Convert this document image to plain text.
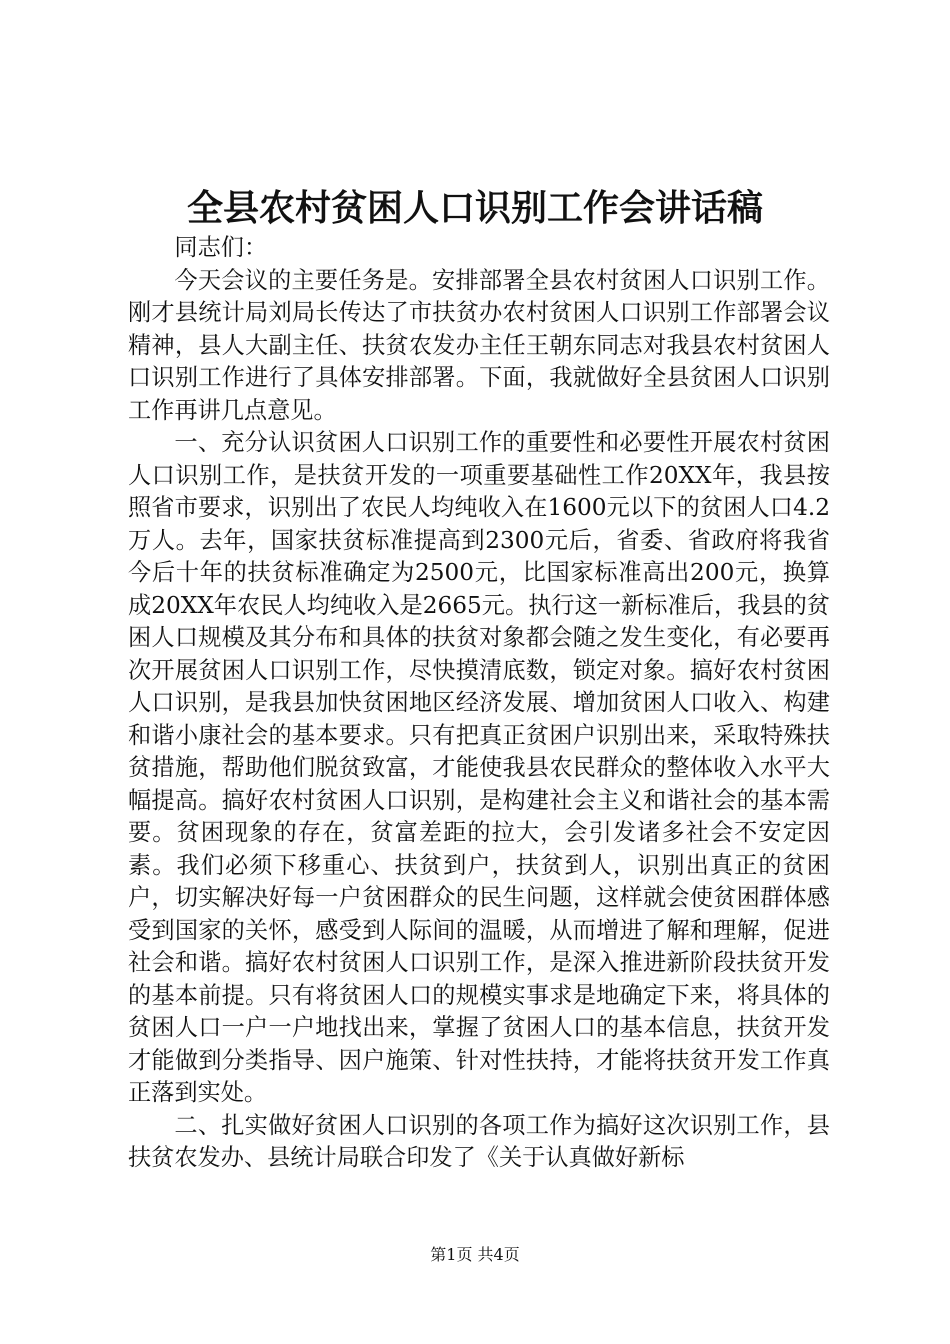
全县农村贫困人口识别工作会讲话稿

同志们：

今天会议的主要任务是。安排部署全县农村贫困人口识别工作。刚才县统计局刘局长传达了市扶贫办农村贫困人口识别工作部署会议精神，县人大副主任、扶贫农发办主任王朝东同志对我县农村贫困人口识别工作进行了具体安排部署。下面，我就做好全县贫困人口识别工作再讲几点意见。

一、充分认识贫困人口识别工作的重要性和必要性开展农村贫困人口识别工作，是扶贫开发的一项重要基础性工作20XX年，我县按照省市要求，识别出了农民人均纯收入在1600元以下的贫困人口4.2万人。去年，国家扶贫标准提高到2300元后，省委、省政府将我省今后十年的扶贫标准确定为2500元，比国家标准高出200元，换算成20XX年农民人均纯收入是2665元。执行这一新标准后，我县的贫困人口规模及其分布和具体的扶贫对象都会随之发生变化，有必要再次开展贫困人口识别工作，尽快摸清底数，锁定对象。搞好农村贫困人口识别，是我县加快贫困地区经济发展、增加贫困人口收入、构建和谐小康社会的基本要求。只有把真正贫困户识别出来，采取特殊扶贫措施，帮助他们脱贫致富，才能使我县农民群众的整体收入水平大幅提高。搞好农村贫困人口识别，是构建社会主义和谐社会的基本需要。贫困现象的存在，贫富差距的拉大，会引发诸多社会不安定因素。我们必须下移重心、扶贫到户，扶贫到人，识别出真正的贫困户，切实解决好每一户贫困群众的民生问题，这样就会使贫困群体感受到国家的关怀，感受到人际间的温暖，从而增进了解和理解，促进社会和谐。搞好农村贫困人口识别工作，是深入推进新阶段扶贫开发的基本前提。只有将贫困人口的规模实事求是地确定下来，将具体的贫困人口一户一户地找出来，掌握了贫困人口的基本信息，扶贫开发才能做到分类指导、因户施策、针对性扶持，才能将扶贫开发工作真正落到实处。

二、扎实做好贫困人口识别的各项工作为搞好这次识别工作，县扶贫农发办、县统计局联合印发了《关于认真做好新标

第1页 共4页
